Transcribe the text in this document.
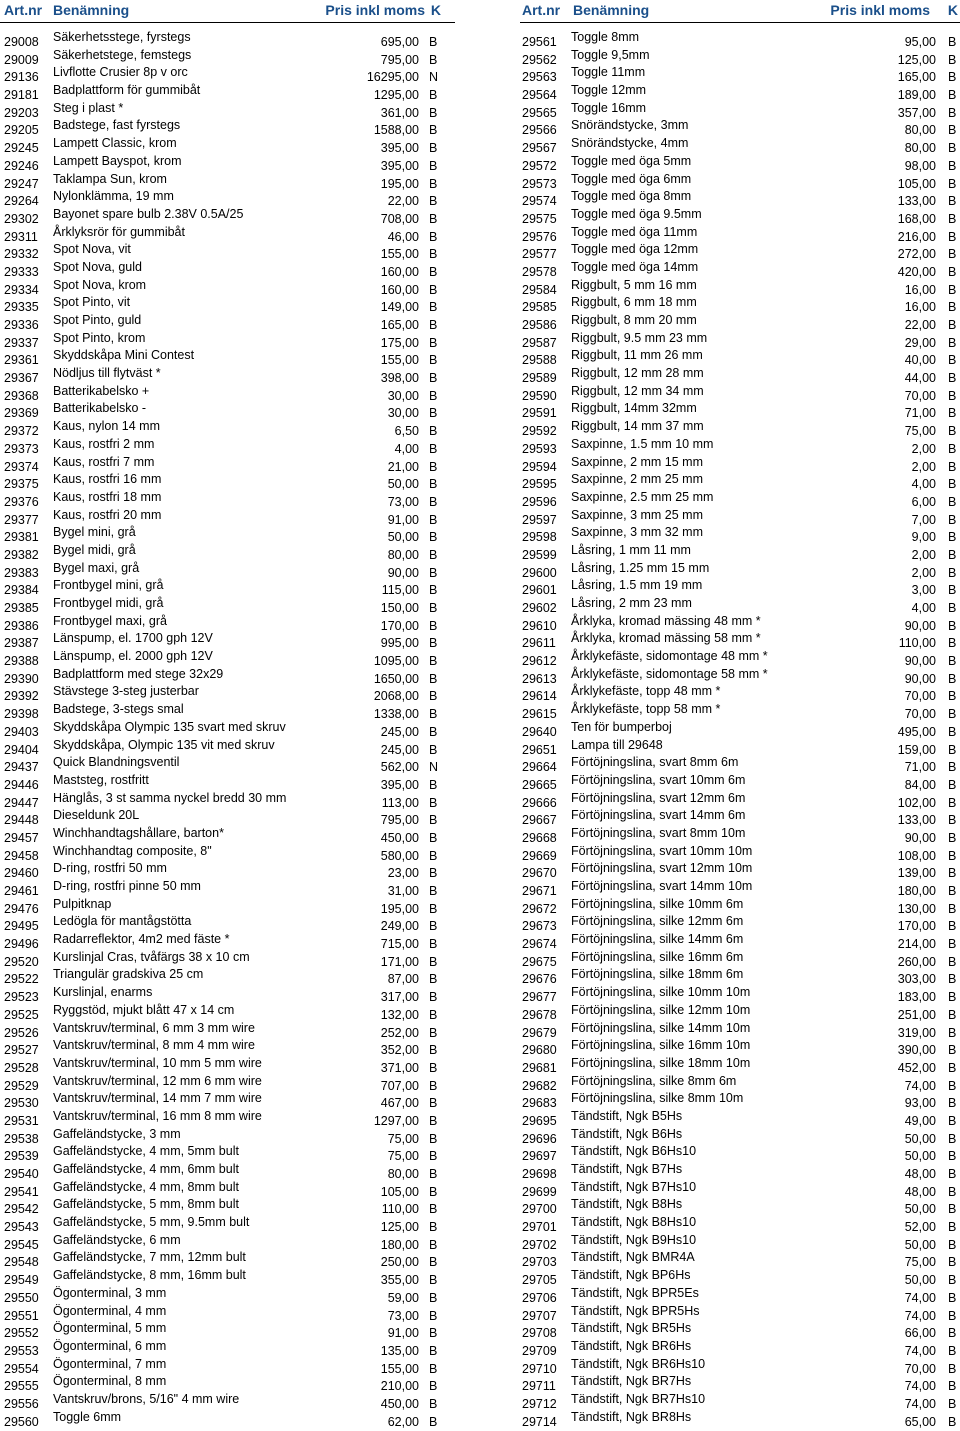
Art.nr Benämning	Pris inkl moms K
29008 Säkerhetsstege, fyrstegs	695,00 B
29009 Säkerhetstege, femstegs	795,00 B
29136 Livflotte Crusier 8p v orc	16295,00 N
29181 Badplattform för gummibåt	1295,00 B
29203 Steg i plast *	361,00 B
29205 Badstege, fast fyrstegs	1588,00 B
29245 Lampett Classic, krom	395,00 B
29246 Lampett Bayspot, krom	395,00 B
29247 Taklampa Sun, krom	195,00 B
29264 Nylonklämma, 19 mm	22,00 B
29302 Bayonet spare bulb 2.38V 0.5A/25	708,00 B
29311 Årklyksrör för gummibåt	46,00 B
29332 Spot Nova, vit	155,00 B
29333 Spot Nova, guld	160,00 B
29334 Spot Nova, krom	160,00 B
29335 Spot Pinto, vit	149,00 B
29336 Spot Pinto, guld	165,00 B
29337 Spot Pinto, krom	175,00 B
29361 Skyddskåpa Mini Contest	155,00 B
29367 Nödljus till flytväst *	398,00 B
29368 Batterikabelsko +	30,00 B
29369 Batterikabelsko -	30,00 B
29372 Kaus, nylon 14 mm	6,50 B
29373 Kaus, rostfri 2 mm	4,00 B
29374 Kaus, rostfri 7 mm	21,00 B
29375 Kaus, rostfri 16 mm	50,00 B
29376 Kaus, rostfri 18 mm	73,00 B
29377 Kaus, rostfri 20 mm	91,00 B
29381 Bygel mini, grå	50,00 B
29382 Bygel midi, grå	80,00 B
29383 Bygel maxi, grå	90,00 B
29384 Frontbygel mini, grå	115,00 B
29385 Frontbygel midi, grå	150,00 B
29386 Frontbygel maxi, grå	170,00 B
29387 Länspump, el. 1700 gph 12V	995,00 B
29388 Länspump, el. 2000 gph 12V	1095,00 B
29390 Badplattform med stege 32x29	1650,00 B
29392 Stävstege 3-steg justerbar	2068,00 B
29398 Badstege, 3-stegs smal	1338,00 B
29403 Skyddskåpa Olympic 135 svart med skruv	245,00 B
29404 Skyddskåpa, Olympic 135 vit med skruv	245,00 B
29437 Quick Blandningsventil	562,00 N
29446 Maststeg, rostfritt	395,00 B
29447 Hänglås, 3 st samma nyckel bredd 30 mm	113,00 B
29448 Dieseldunk 20L	795,00 B
29457 Winchhandtagshållare, barton*	450,00 B
29458 Winchhandtag composite, 8"	580,00 B
29460 D-ring, rostfri 50 mm	23,00 B
29461 D-ring, rostfri pinne 50 mm	31,00 B
29476 Pulpitknap	195,00 B
29495 Ledögla för mantågstötta	249,00 B
29496 Radarreflektor, 4m2 med fäste *	715,00 B
29520 Kurslinjal Cras, tvåfärgs 38 x 10 cm	171,00 B
29522 Triangulär gradskiva 25 cm	87,00 B
29523 Kurslinjal, enarms	317,00 B
29525 Ryggstöd, mjukt blått 47 x 14 cm	132,00 B
29526 Vantskruv/terminal, 6 mm 3 mm wire	252,00 B
29527 Vantskruv/terminal, 8 mm 4 mm wire	352,00 B
29528 Vantskruv/terminal, 10 mm 5 mm wire	371,00 B
29529 Vantskruv/terminal, 12 mm 6 mm wire	707,00 B
29530 Vantskruv/terminal, 14 mm 7 mm wire	467,00 B
29531 Vantskruv/terminal, 16 mm 8 mm wire	1297,00 B
29538 Gaffeländstycke, 3 mm	75,00 B
29539 Gaffeländstycke, 4 mm, 5mm bult	75,00 B
29540 Gaffeländstycke, 4 mm, 6mm bult	80,00 B
29541 Gaffeländstycke, 4 mm, 8mm bult	105,00 B
29542 Gaffeländstycke, 5 mm, 8mm bult	110,00 B
29543 Gaffeländstycke, 5 mm, 9.5mm bult	125,00 B
29545 Gaffeländstycke, 6 mm	180,00 B
29548 Gaffeländstycke, 7 mm, 12mm bult	250,00 B
29549 Gaffeländstycke, 8 mm, 16mm bult	355,00 B
29550 Ögonterminal, 3 mm	59,00 B
29551 Ögonterminal, 4 mm	73,00 B
29552 Ögonterminal, 5 mm	91,00 B
29553 Ögonterminal, 6 mm	135,00 B
29554 Ögonterminal, 7 mm	155,00 B
29555 Ögonterminal, 8 mm	210,00 B
29556 Vantskruv/brons, 5/16" 4 mm wire	450,00 B
29560 Toggle 6mm	62,00 B
Art.nr Benämning	Pris inkl moms K
29561 Toggle 8mm	95,00 B
29562 Toggle 9,5mm	125,00 B
29563 Toggle 11mm	165,00 B
29564 Toggle 12mm	189,00 B
29565 Toggle 16mm	357,00 B
29566 Snörändstycke, 3mm	80,00 B
29567 Snörändstycke, 4mm	80,00 B
29572 Toggle med öga 5mm	98,00 B
29573 Toggle med öga 6mm	105,00 B
29574 Toggle med öga 8mm	133,00 B
29575 Toggle med öga 9.5mm	168,00 B
29576 Toggle med öga 11mm	216,00 B
29577 Toggle med öga 12mm	272,00 B
29578 Toggle med öga 14mm	420,00 B
29584 Riggbult, 5 mm 16 mm	16,00 B
29585 Riggbult, 6 mm 18 mm	16,00 B
29586 Riggbult, 8 mm 20 mm	22,00 B
29587 Riggbult, 9.5 mm 23 mm	29,00 B
29588 Riggbult, 11 mm 26 mm	40,00 B
29589 Riggbult, 12 mm 28 mm	44,00 B
29590 Riggbult, 12 mm 34 mm	70,00 B
29591 Riggbult, 14mm 32mm	71,00 B
29592 Riggbult, 14 mm 37 mm	75,00 B
29593 Saxpinne, 1.5 mm 10 mm	2,00 B
29594 Saxpinne, 2 mm 15 mm	2,00 B
29595 Saxpinne, 2 mm 25 mm	4,00 B
29596 Saxpinne, 2.5 mm 25 mm	6,00 B
29597 Saxpinne, 3 mm 25 mm	7,00 B
29598 Saxpinne, 3 mm 32 mm	9,00 B
29599 Låsring, 1 mm 11 mm	2,00 B
29600 Låsring, 1.25 mm 15 mm	2,00 B
29601 Låsring, 1.5 mm 19 mm	3,00 B
29602 Låsring, 2 mm 23 mm	4,00 B
29610 Årklyka, kromad mässing 48 mm *	90,00 B
29611 Årklyka, kromad mässing 58 mm *	110,00 B
29612 Årklykefäste, sidomontage 48 mm *	90,00 B
29613 Årklykefäste, sidomontage 58 mm *	90,00 B
29614 Årklykefäste, topp 48 mm *	70,00 B
29615 Årklykefäste, topp 58 mm *	70,00 B
29640 Ten för bumperboj	495,00 B
29651 Lampa till 29648	159,00 B
29664 Förtöjningslina, svart 8mm 6m	71,00 B
29665 Förtöjningslina, svart 10mm 6m	84,00 B
29666 Förtöjningslina, svart 12mm 6m	102,00 B
29667 Förtöjningslina, svart 14mm 6m	133,00 B
29668 Förtöjningslina, svart 8mm 10m	90,00 B
29669 Förtöjningslina, svart 10mm 10m	108,00 B
29670 Förtöjningslina, svart 12mm 10m	139,00 B
29671 Förtöjningslina, svart 14mm 10m	180,00 B
29672 Förtöjningslina, silke 10mm 6m	130,00 B
29673 Förtöjningslina, silke 12mm 6m	170,00 B
29674 Förtöjningslina, silke 14mm 6m	214,00 B
29675 Förtöjningslina, silke 16mm 6m	260,00 B
29676 Förtöjningslina, silke 18mm 6m	303,00 B
29677 Förtöjningslina, silke 10mm 10m	183,00 B
29678 Förtöjningslina, silke 12mm 10m	251,00 B
29679 Förtöjningslina, silke 14mm 10m	319,00 B
29680 Förtöjningslina, silke 16mm 10m	390,00 B
29681 Förtöjningslina, silke 18mm 10m	452,00 B
29682 Förtöjningslina, silke 8mm 6m	74,00 B
29683 Förtöjningslina, silke 8mm 10m	93,00 B
29695 Tändstift, Ngk B5Hs	49,00 B
29696 Tändstift, Ngk B6Hs	50,00 B
29697 Tändstift, Ngk B6Hs10	50,00 B
29698 Tändstift, Ngk B7Hs	48,00 B
29699 Tändstift, Ngk B7Hs10	48,00 B
29700 Tändstift, Ngk B8Hs	50,00 B
29701 Tändstift, Ngk B8Hs10	52,00 B
29702 Tändstift, Ngk B9Hs10	50,00 B
29703 Tändstift, Ngk BMR4A	75,00 B
29705 Tändstift, Ngk BP6Hs	50,00 B
29706 Tändstift, Ngk BPR5Es	74,00 B
29707 Tändstift, Ngk BPR5Hs	74,00 B
29708 Tändstift, Ngk BR5Hs	66,00 B
29709 Tändstift, Ngk BR6Hs	74,00 B
29710 Tändstift, Ngk BR6Hs10	70,00 B
29711 Tändstift, Ngk BR7Hs	74,00 B
29712 Tändstift, Ngk BR7Hs10	74,00 B
29714 Tändstift, Ngk BR8Hs	65,00 B
